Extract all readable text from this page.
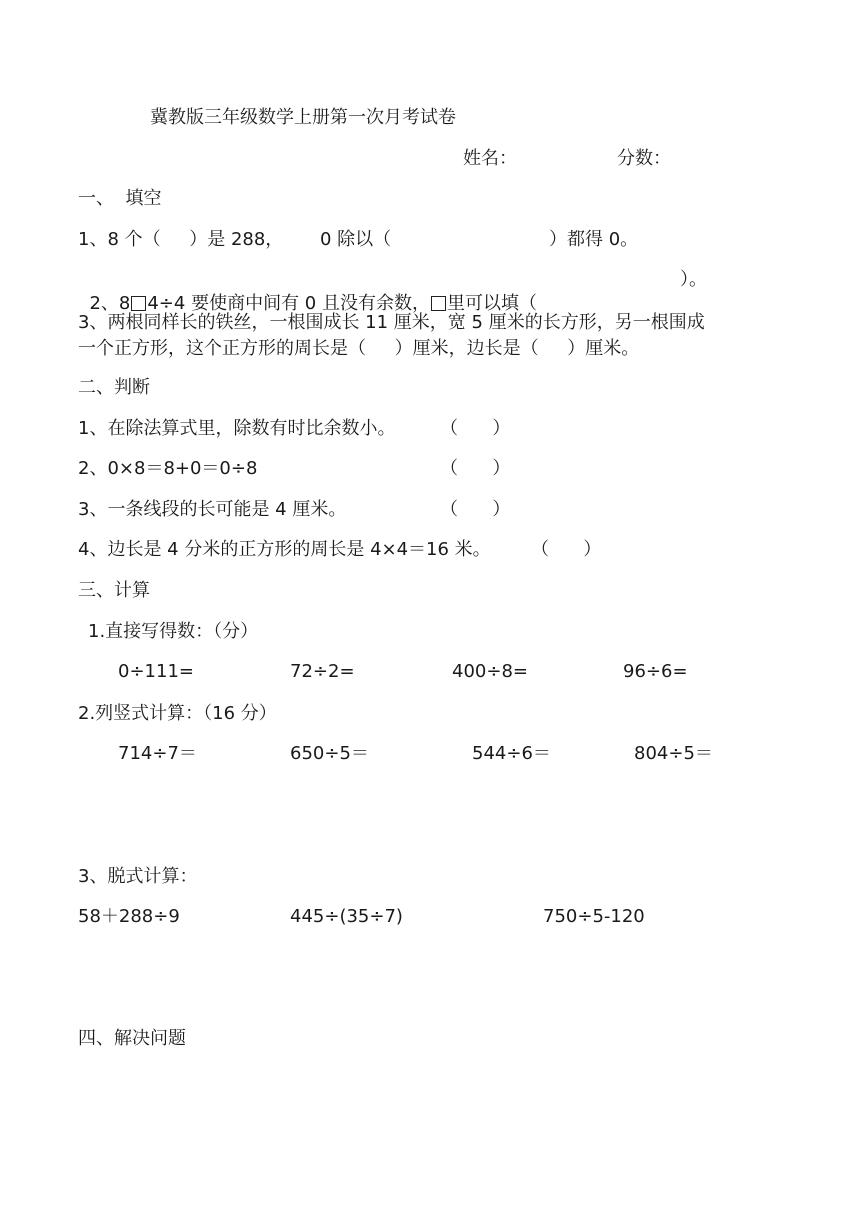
冀教版三年级数学上册第一次月考试卷
姓名：	分数：
一、  填空
1、8 个（     ）是 288， 0 除以（	）都得 0。

2、8 4÷4 要使商中间有 0 且没有余数， 里可以填（

）。
3、两根同样长的铁丝，一根围成长 11 厘米，宽 5 厘米的长方形，另一根围成
一个正方形，这个正方形的周长是（     ）厘米，边长是（     ）厘米。
二、判断
1、在除法算式里，除数有时比余数小。 （      ）
2、0×8＝8+0＝0÷8	（      ）
3、一条线段的长可能是 4 厘米。	（      ）
4、边长是 4 分米的正方形的周长是 4×4＝16 米。 （      ）
三、计算
1.直接写得数：（分）
0÷111=	72÷2=	400÷8=	96÷6=
2.列竖式计算：（16 分）
714÷7＝	650÷5＝	544÷6＝	804÷5＝
3、脱式计算：
58＋288÷9	445÷(35÷7)	750÷5-120
四、解决问题
